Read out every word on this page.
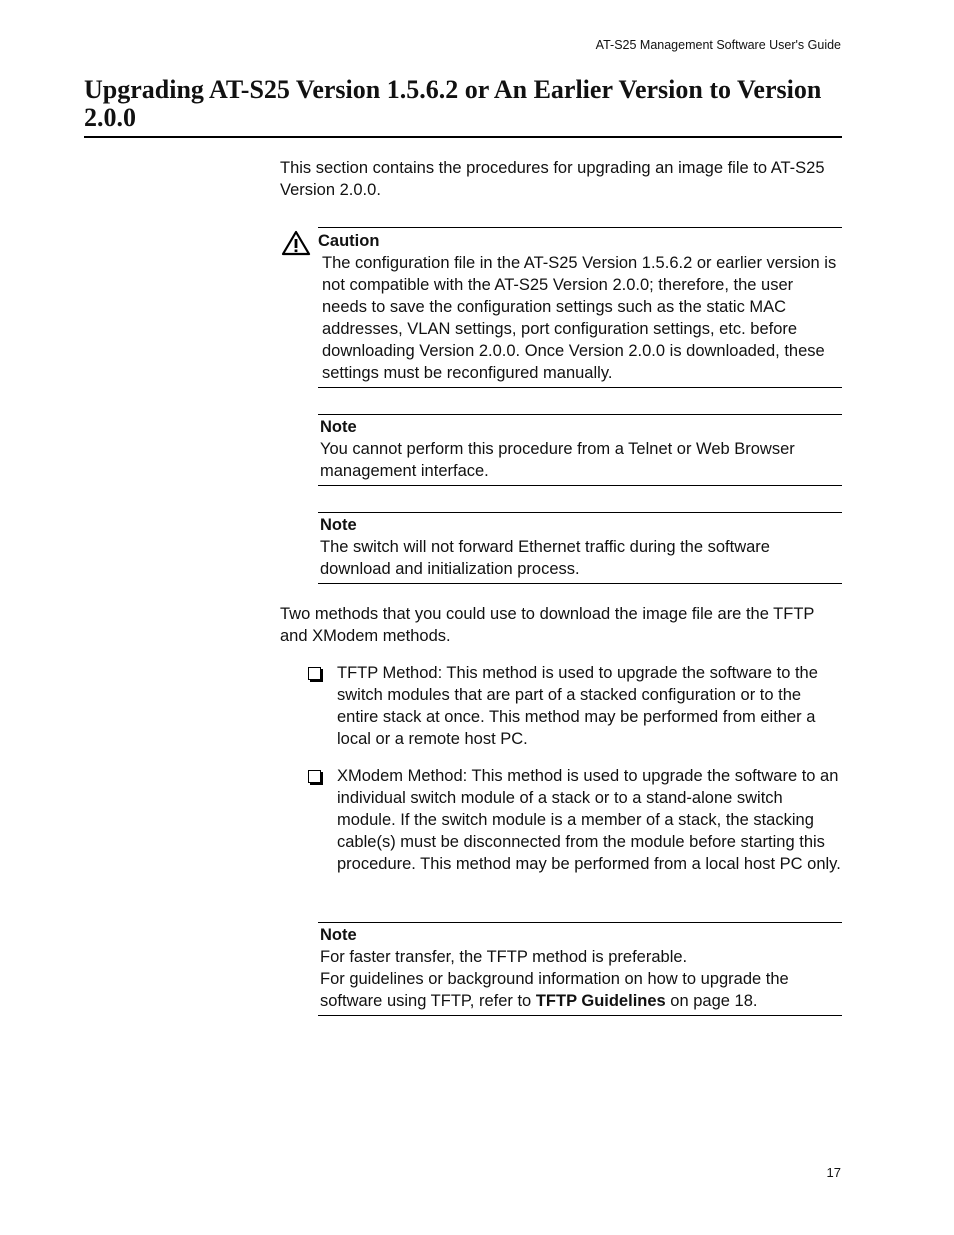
AT-S25 Management Software User's Guide
Upgrading AT-S25 Version 1.5.6.2 or An Earlier Version to Version 2.0.0

This section contains the procedures for upgrading an image file to AT-S25 Version 2.0.0.

Caution

The configuration file in the AT-S25 Version 1.5.6.2 or earlier version is not compatible with the AT-S25 Version 2.0.0; therefore, the user needs to save the configuration settings such as the static MAC addresses, VLAN settings, port configuration settings, etc. before downloading Version 2.0.0. Once Version 2.0.0 is downloaded, these settings must be reconfigured manually.

Note

You cannot perform this procedure from a Telnet or Web Browser management interface.

Note

The switch will not forward Ethernet traffic during the software download and initialization process.

Two methods that you could use to download the image file are the TFTP and XModem methods.

TFTP Method: This method is used to upgrade the software to the switch modules that are part of a stacked configuration or to the entire stack at once. This method may be performed from either a local or a remote host PC.
XModem Method: This method is used to upgrade the software to an individual switch module of a stack or to a stand-alone switch module. If the switch module is a member of a stack, the stacking cable(s) must be disconnected from the module before starting this procedure. This method may be performed from a local host PC only.
Note

For faster transfer, the TFTP method is preferable.

For guidelines or background information on how to upgrade the software using TFTP, refer to TFTP Guidelines on page 18.

17
